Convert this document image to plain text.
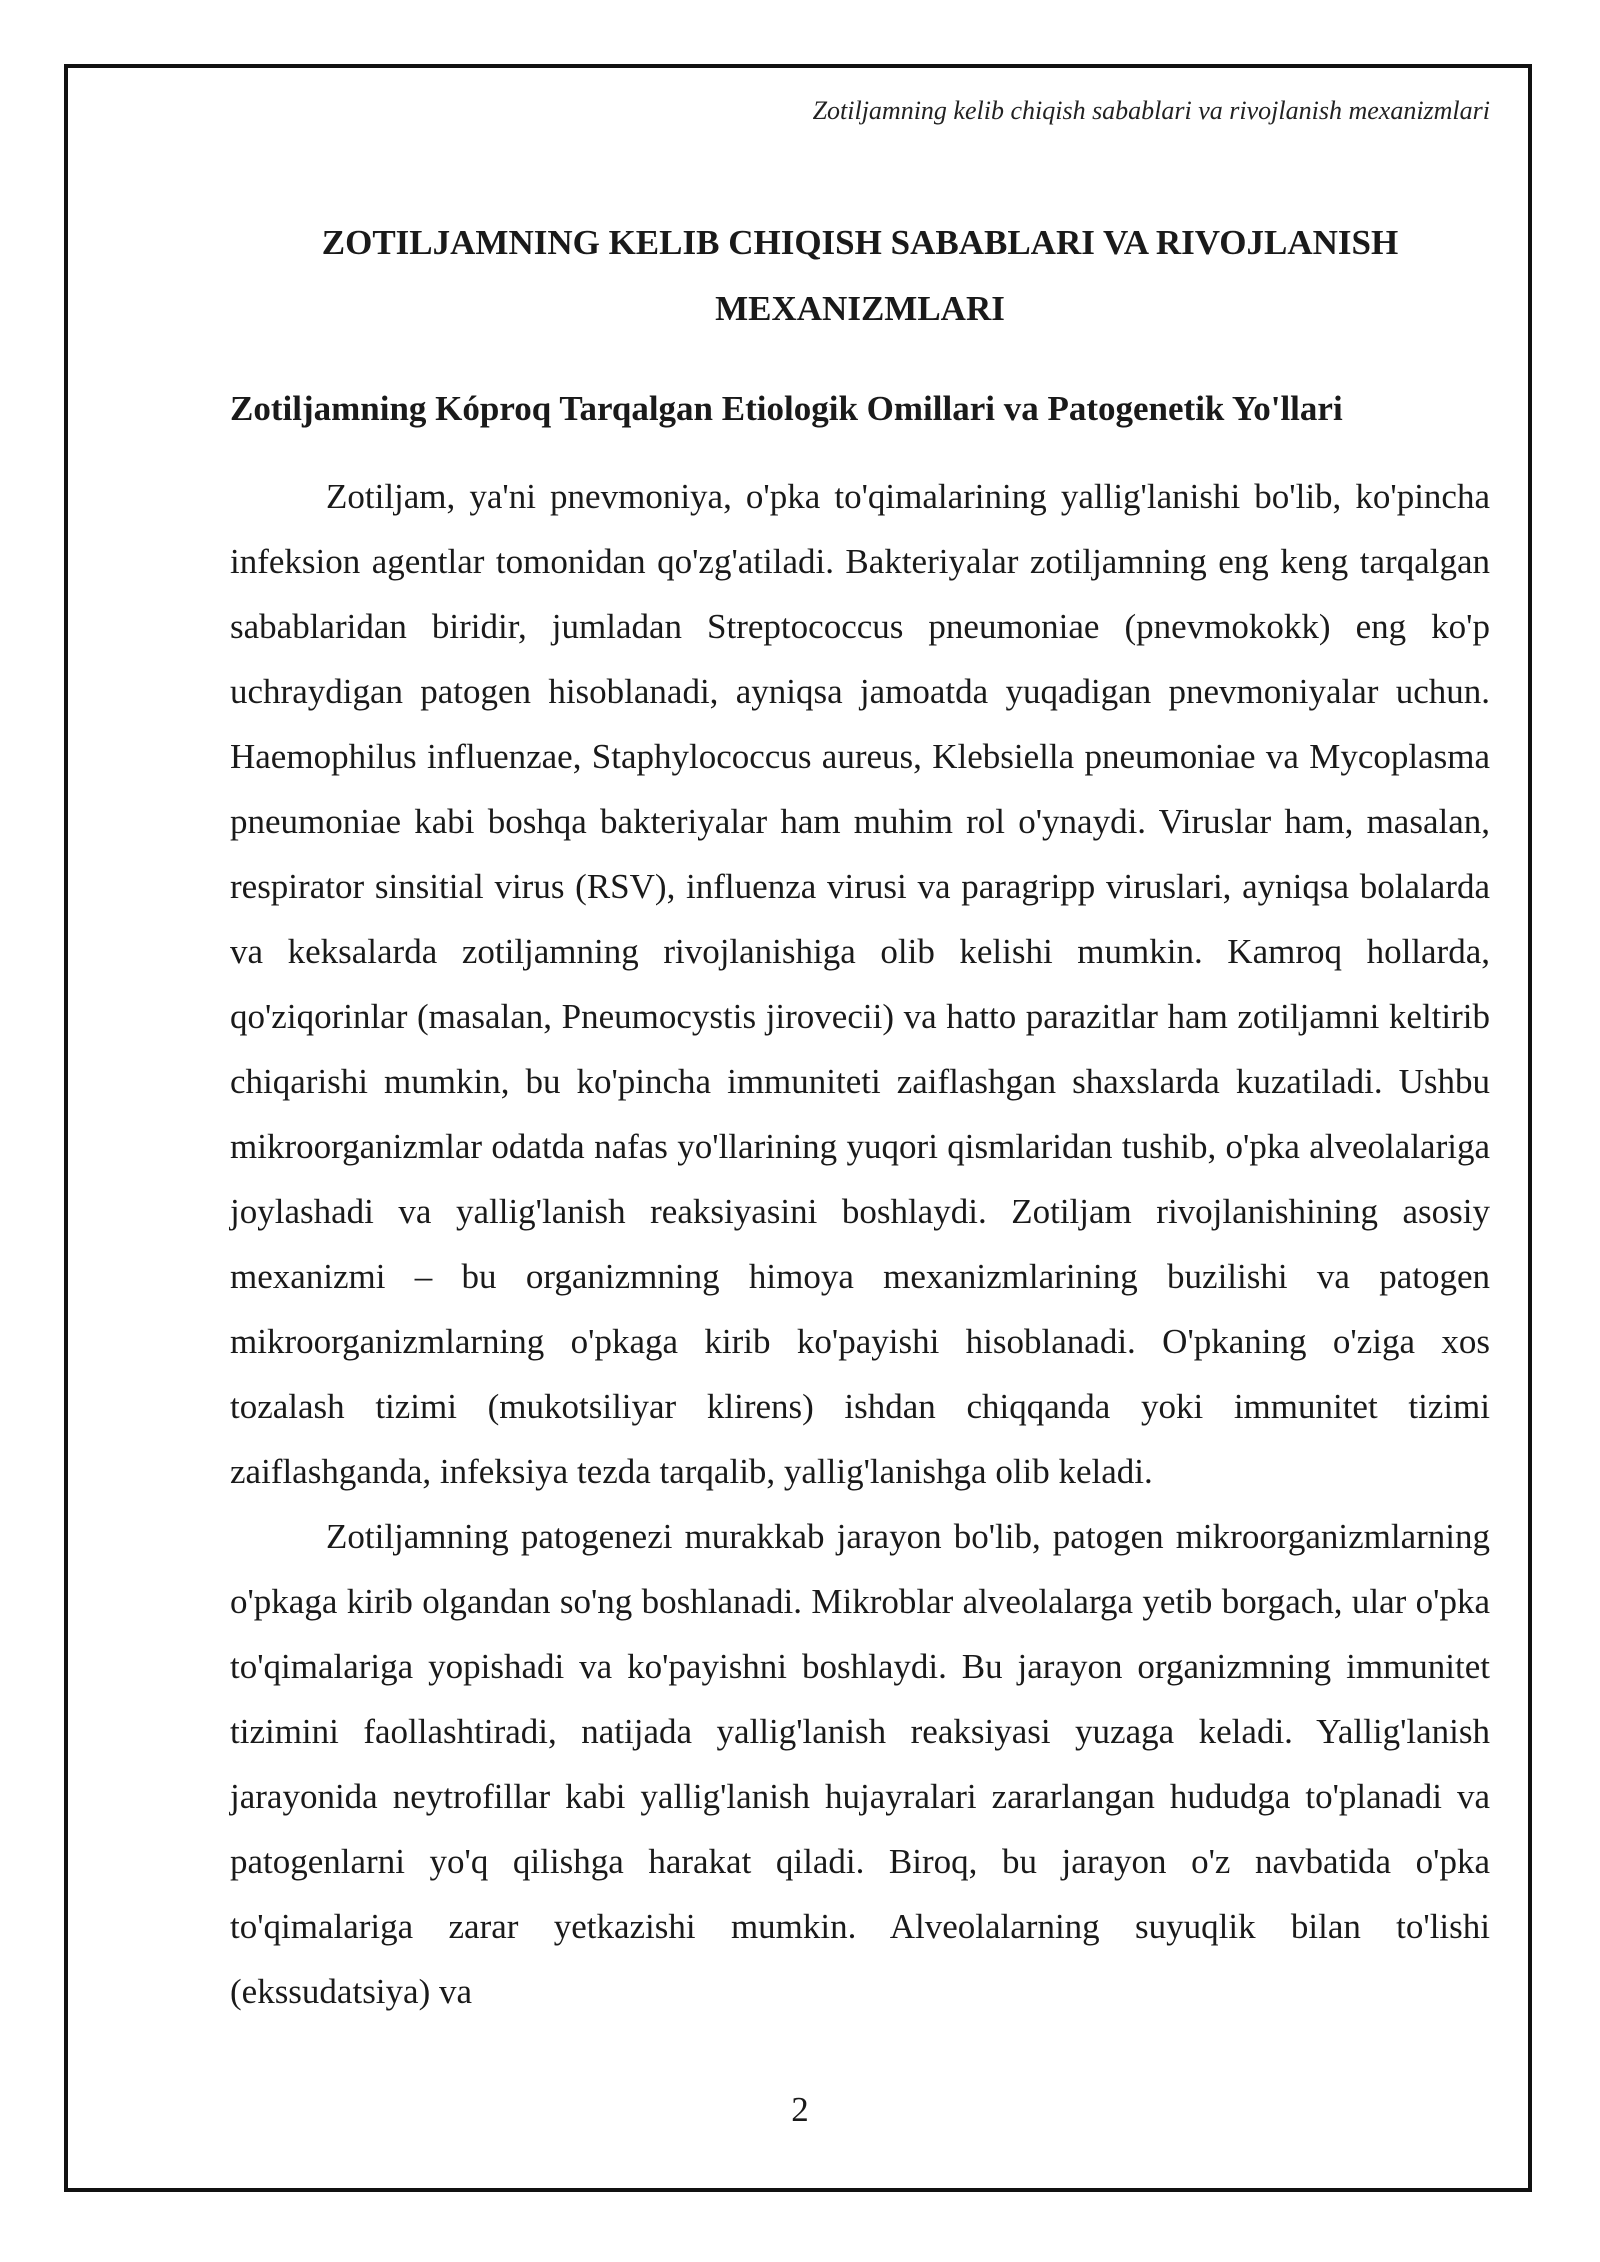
Zotiljamning kelib chiqish sabablari va rivojlanish mexanizmlari
ZOTILJAMNING KELIB CHIQISH SABABLARI VA RIVOJLANISH MEXANIZMLARI
Zotiljamning Kóproq Tarqalgan Etiologik Omillari va Patogenetik Yo'llari

Zotiljam, ya'ni pnevmoniya, o'pka to'qimalarining yallig'lanishi bo'lib, ko'pincha infeksion agentlar tomonidan qo'zg'atiladi. Bakteriyalar zotiljamning eng keng tarqalgan sabablaridan biridir, jumladan Streptococcus pneumoniae (pnevmokokk) eng ko'p uchraydigan patogen hisoblanadi, ayniqsa jamoatda yuqadigan pnevmoniyalar uchun. Haemophilus influenzae, Staphylococcus aureus, Klebsiella pneumoniae va Mycoplasma pneumoniae kabi boshqa bakteriyalar ham muhim rol o'ynaydi. Viruslar ham, masalan, respirator sinsitial virus (RSV), influenza virusi va paragripp viruslari, ayniqsa bolalarda va keksalarda zotiljamning rivojlanishiga olib kelishi mumkin. Kamroq hollarda, qo'ziqorinlar (masalan, Pneumocystis jirovecii) va hatto parazitlar ham zotiljamni keltirib chiqarishi mumkin, bu ko'pincha immuniteti zaiflashgan shaxslarda kuzatiladi. Ushbu mikroorganizmlar odatda nafas yo'llarining yuqori qismlaridan tushib, o'pka alveolalariga joylashadi va yallig'lanish reaksiyasini boshlaydi. Zotiljam rivojlanishining asosiy mexanizmi – bu organizmning himoya mexanizmlarining buzilishi va patogen mikroorganizmlarning o'pkaga kirib ko'payishi hisoblanadi. O'pkaning o'ziga xos tozalash tizimi (mukotsiliyar klirens) ishdan chiqqanda yoki immunitet tizimi zaiflashganda, infeksiya tezda tarqalib, yallig'lanishga olib keladi.

Zotiljamning patogenezi murakkab jarayon bo'lib, patogen mikroorganizmlarning o'pkaga kirib olgandan so'ng boshlanadi. Mikroblar alveolalarga yetib borgach, ular o'pka to'qimalariga yopishadi va ko'payishni boshlaydi. Bu jarayon organizmning immunitet tizimini faollashtiradi, natijada yallig'lanish reaksiyasi yuzaga keladi. Yallig'lanish jarayonida neytrofillar kabi yallig'lanish hujayralari zararlangan hududga to'planadi va patogenlarni yo'q qilishga harakat qiladi. Biroq, bu jarayon o'z navbatida o'pka to'qimalariga zarar yetkazishi mumkin. Alveolalarning suyuqlik bilan to'lishi (ekssudatsiya) va

2
